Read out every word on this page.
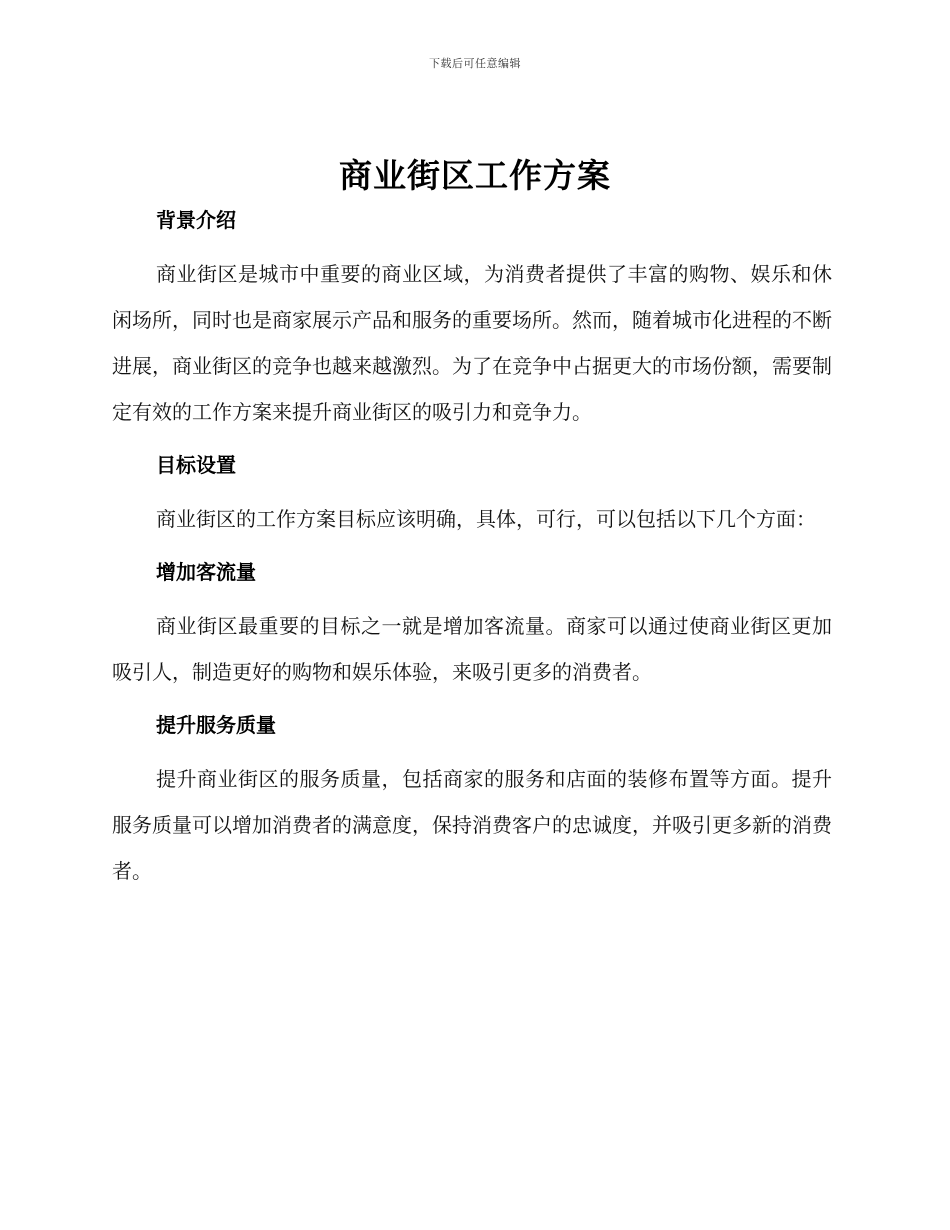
下载后可任意编辑
商业街区工作方案
背景介绍

商业街区是城市中重要的商业区域，为消费者提供了丰富的购物、娱乐和休闲场所，同时也是商家展示产品和服务的重要场所。然而，随着城市化进程的不断进展，商业街区的竞争也越来越激烈。为了在竞争中占据更大的市场份额，需要制定有效的工作方案来提升商业街区的吸引力和竞争力。

目标设置

商业街区的工作方案目标应该明确，具体，可行，可以包括以下几个方面：

增加客流量

商业街区最重要的目标之一就是增加客流量。商家可以通过使商业街区更加吸引人，制造更好的购物和娱乐体验，来吸引更多的消费者。

提升服务质量

提升商业街区的服务质量，包括商家的服务和店面的装修布置等方面。提升服务质量可以增加消费者的满意度，保持消费客户的忠诚度，并吸引更多新的消费者。
